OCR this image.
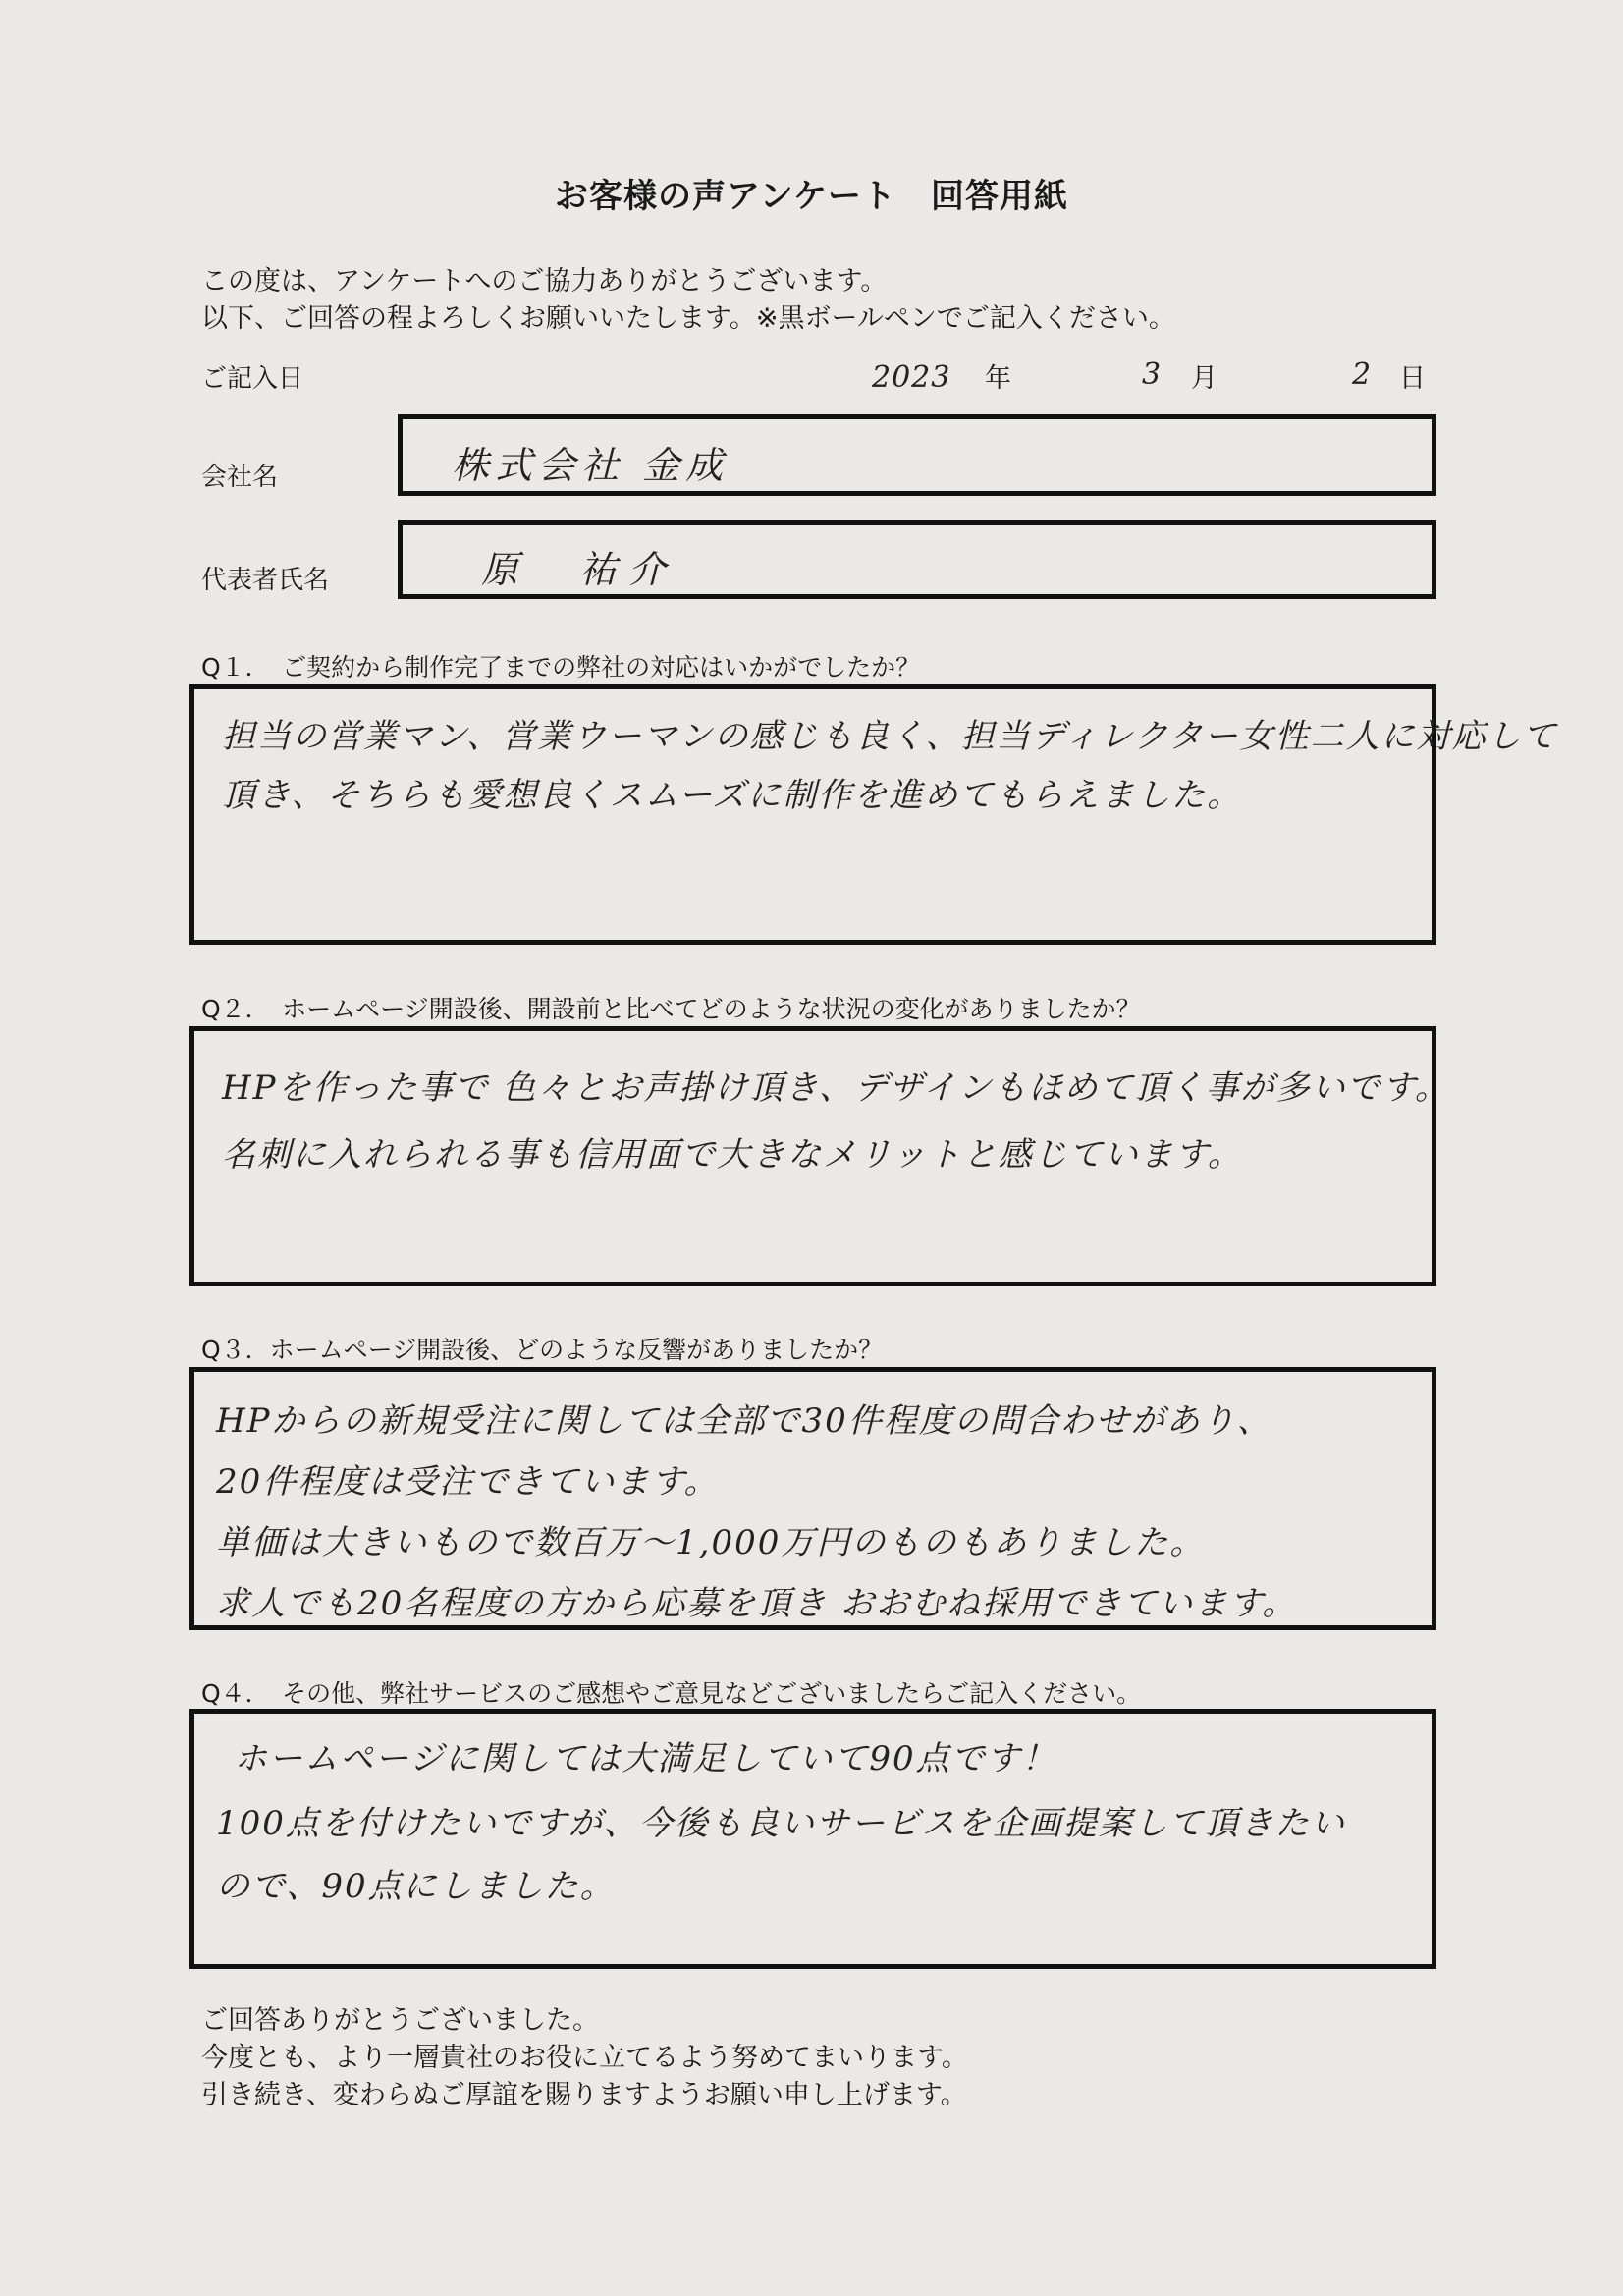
お客様の声アンケート　回答用紙
この度は、アンケートへのご協力ありがとうございます。
以下、ご回答の程よろしくお願いいたします。※黒ボールペンでご記入ください。
ご記入日	2023 年	3 月	2 日
会社名	株式会社 金成
代表者氏名	原　祐介
Q１．　ご契約から制作完了までの弊社の対応はいかがでしたか？
担当の営業マン、営業ウーマンの感じも良く、担当ディレクター女性二人に対応して
頂き、そちらも愛想良くスムーズに制作を進めてもらえました。
Q２．　ホームページ開設後、開設前と比べてどのような状況の変化がありましたか？
HPを作った事で 色々とお声掛け頂き、デザインもほめて頂く事が多いです。
名刺に入れられる事も信用面で大きなメリットと感じています。
Q３．ホームページ開設後、どのような反響がありましたか？
HPからの新規受注に関しては全部で30件程度の問合わせがあり、
20件程度は受注できています。
単価は大きいもので数百万〜1,000万円のものもありました。
求人でも20名程度の方から応募を頂き おおむね採用できています。
Q４．　その他、弊社サービスのご感想やご意見などございましたらご記入ください。
ホームページに関しては大満足していて90点です！
100点を付けたいですが、今後も良いサービスを企画提案して頂きたい
ので、90点にしました。
ご回答ありがとうございました。
今度とも、より一層貴社のお役に立てるよう努めてまいります。
引き続き、変わらぬご厚誼を賜りますようお願い申し上げます。
